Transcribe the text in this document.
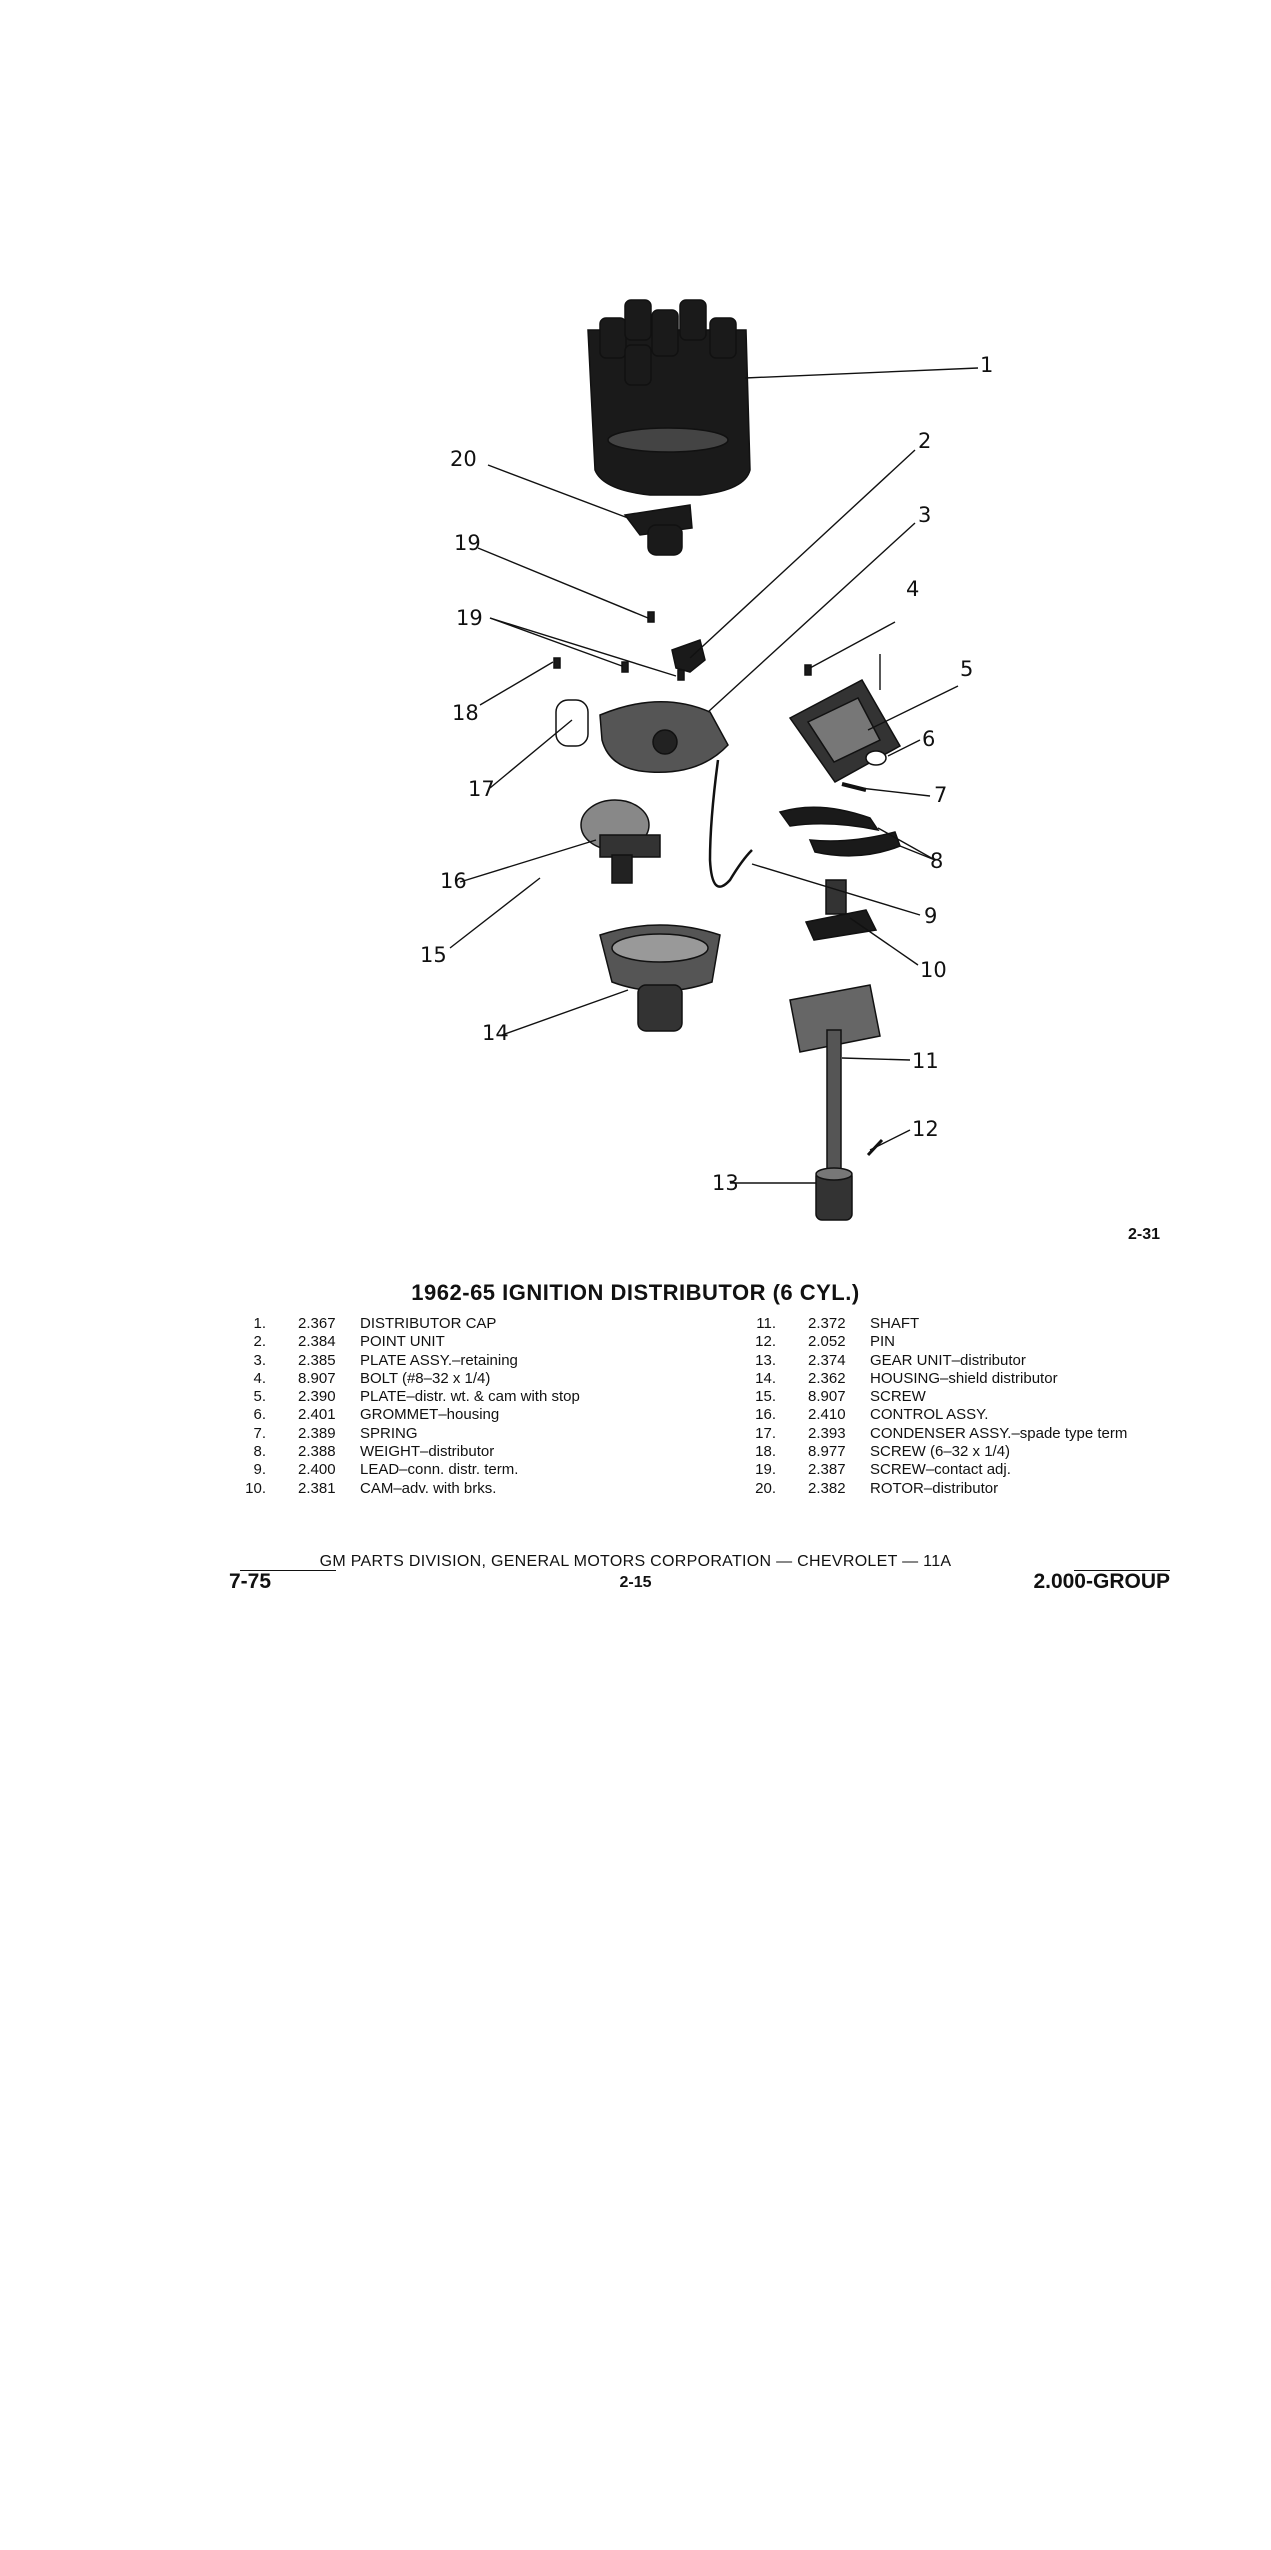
1
2
3
4
5
6
7
8
9
10
11
12
13
14
15
16
17
18
19
19
20
2-31
1962-65 IGNITION DISTRIBUTOR (6 CYL.)
1.	2.367	DISTRIBUTOR CAP
2.	2.384	POINT UNIT
3.	2.385	PLATE ASSY.–retaining
4.	8.907	BOLT (#8–32 x 1/4)
5.	2.390	PLATE–distr. wt. & cam with stop
6.	2.401	GROMMET–housing
7.	2.389	SPRING
8.	2.388	WEIGHT–distributor
9.	2.400	LEAD–conn. distr. term.
10.	2.381	CAM–adv. with brks.
11.	2.372	SHAFT
12.	2.052	PIN
13.	2.374	GEAR UNIT–distributor
14.	2.362	HOUSING–shield distributor
15.	8.907	SCREW
16.	2.410	CONTROL ASSY.
17.	2.393	CONDENSER ASSY.–spade type term
18.	8.977	SCREW (6–32 x 1/4)
19.	2.387	SCREW–contact adj.
20.	2.382	ROTOR–distributor
7-75
GM PARTS DIVISION, GENERAL MOTORS CORPORATION — CHEVROLET — 11A
2-15	2.000-GROUP
